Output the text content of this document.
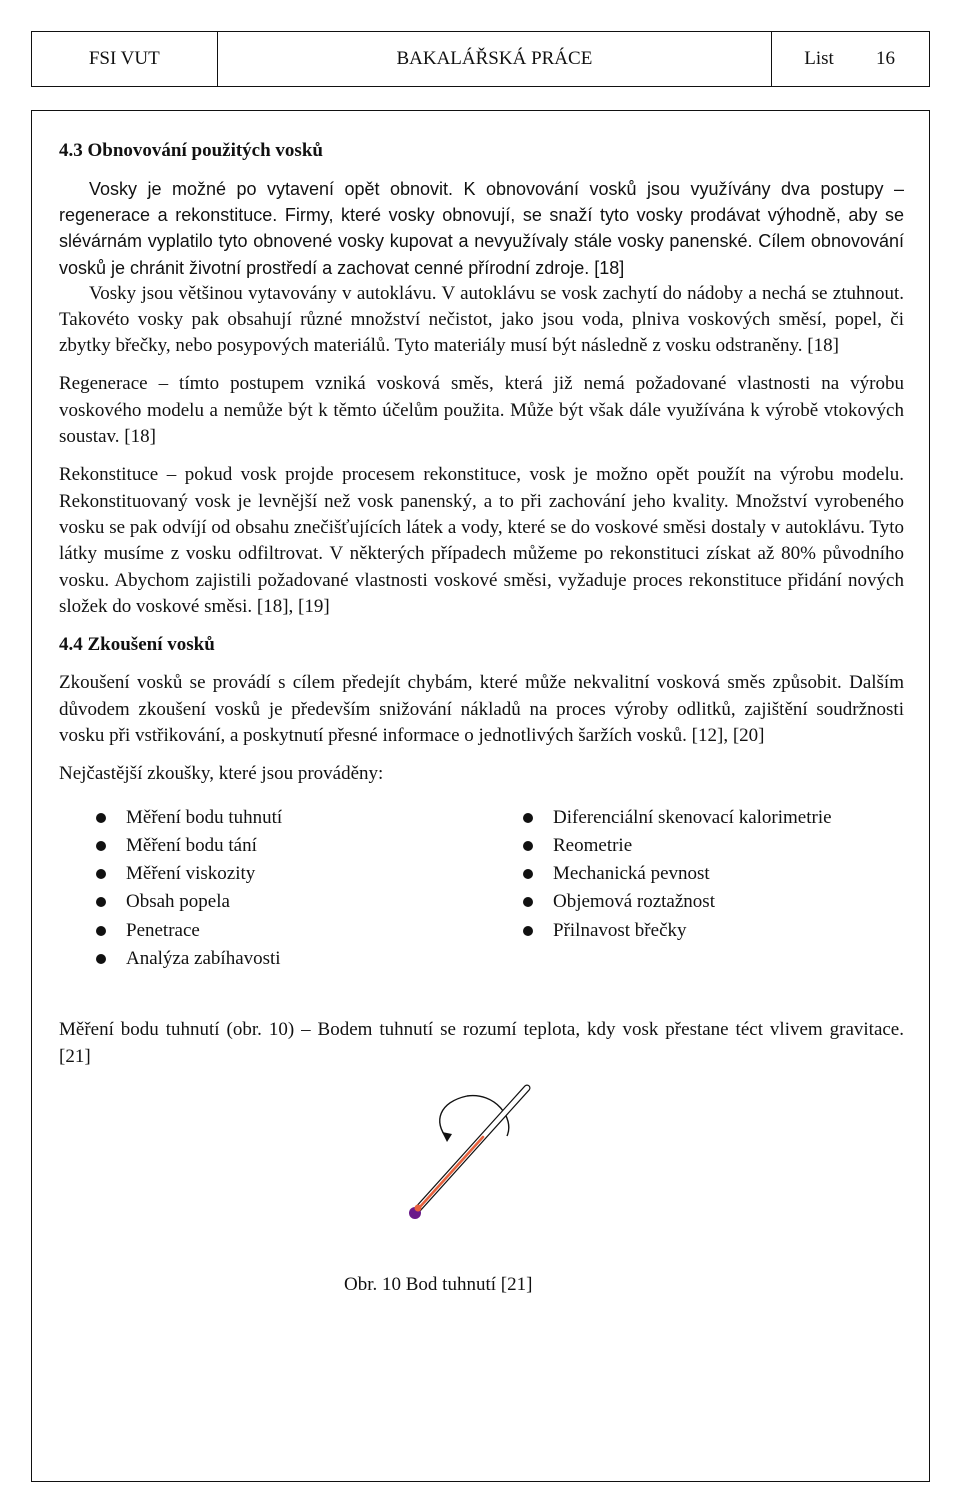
FSI VUT	BAKALÁŘSKÁ PRÁCE	List 16

4.3 Obnovování použitých vosků

Vosky je možné po vytavení opět obnovit. K obnovování vosků jsou využívány dva postupy – regenerace a rekonstituce. Firmy, které vosky obnovují, se snaží tyto vosky prodávat výhodně, aby se slévárnám vyplatilo tyto obnovené vosky kupovat a nevyužívaly stále vosky panenské. Cílem obnovování vosků je chránit životní prostředí a zachovat cenné přírodní zdroje. [18]

Vosky jsou většinou vytavovány v autoklávu. V autoklávu se vosk zachytí do nádoby a nechá se ztuhnout. Takovéto vosky pak obsahují různé množství nečistot, jako jsou voda, plniva voskových směsí, popel, či zbytky břečky, nebo posypových materiálů. Tyto materiály musí být následně z vosku odstraněny. [18]

Regenerace – tímto postupem vzniká vosková směs, která již nemá požadované vlastnosti na výrobu voskového modelu a nemůže být k těmto účelům použita. Může být však dále využívána k výrobě vtokových soustav. [18]

Rekonstituce – pokud vosk projde procesem rekonstituce, vosk je možno opět použít na výrobu modelu. Rekonstituovaný vosk je levnější než vosk panenský, a to při zachování jeho kvality. Množství vyrobeného vosku se pak odvíjí od obsahu znečišťujících látek a vody, které se do voskové směsi dostaly v autoklávu. Tyto látky musíme z vosku odfiltrovat. V některých případech můžeme po rekonstituci získat až 80% původního vosku. Abychom zajistili požadované vlastnosti voskové směsi, vyžaduje proces rekonstituce přidání nových složek do voskové směsi. [18], [19]

4.4 Zkoušení vosků

Zkoušení vosků se provádí s cílem předejít chybám, které může nekvalitní vosková směs způsobit. Dalším důvodem zkoušení vosků je především snižování nákladů na proces výroby odlitků, zajištění soudržnosti vosku při vstřikování, a poskytnutí přesné informace o jednotlivých šaržích vosků. [12], [20]

Nejčastější zkoušky, které jsou prováděny:

Měření bodu tuhnutí
Měření bodu tání
Měření viskozity
Obsah popela
Penetrace
Analýza zabíhavosti
Diferenciální skenovací kalorimetrie
Reometrie
Mechanická pevnost
Objemová roztažnost
Přilnavost břečky

Měření bodu tuhnutí (obr. 10) – Bodem tuhnutí se rozumí teplota, kdy vosk přestane téct vlivem gravitace. [21]

Obr. 10 Bod tuhnutí [21]
